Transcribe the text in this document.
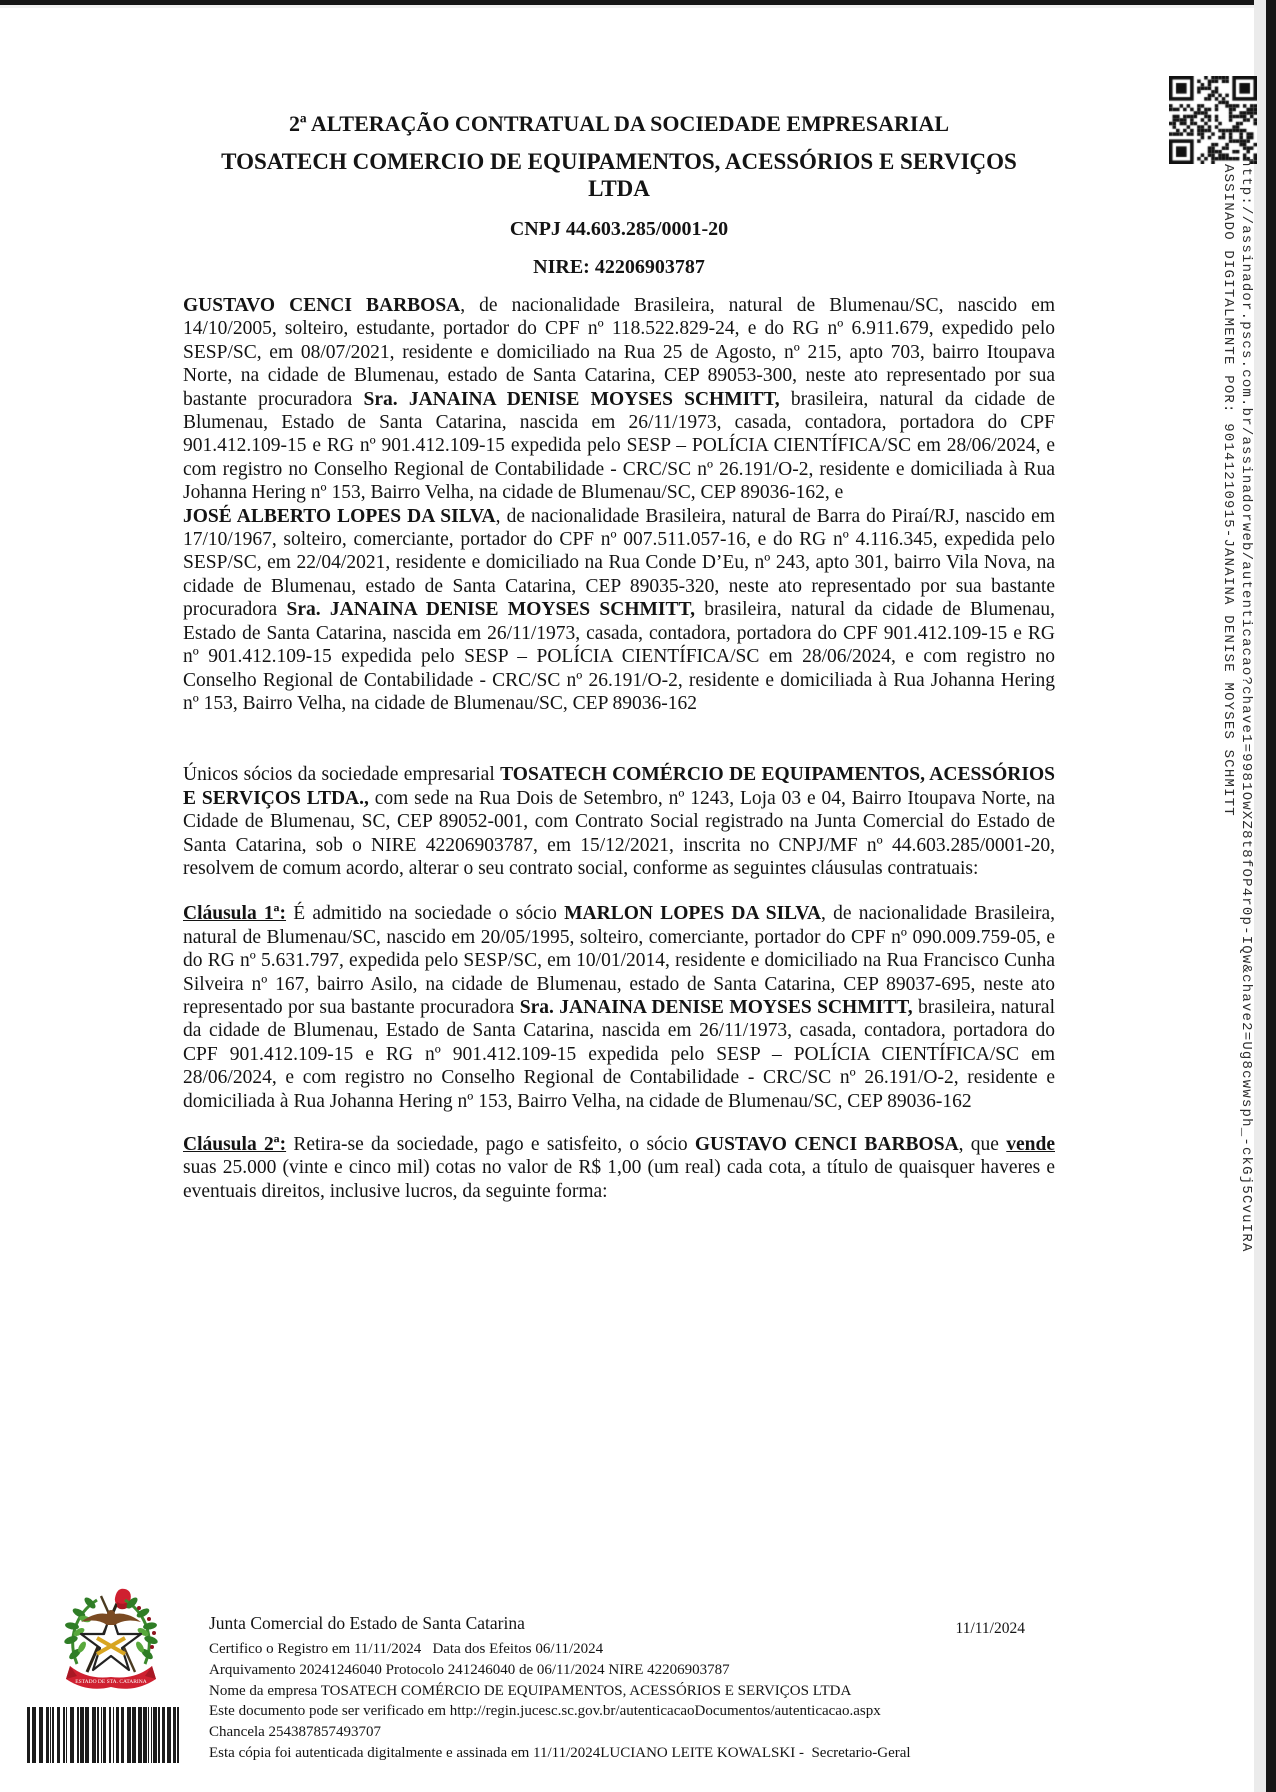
http://assinador.pscs.com.br/assinadorweb/autenticacao?chave1=9981OwXZ8t8fOP4r0p-IQw&chave2=Ug8cwwsph_-ckGj5CvuIRA
ASSINADO DIGITALMENTE POR: 90141210915-JANAINA DENISE MOYSES SCHMITT
2ª ALTERAÇÃO CONTRATUAL DA SOCIEDADE EMPRESARIAL
TOSATECH COMERCIO DE EQUIPAMENTOS, ACESSÓRIOS E SERVIÇOS
LTDA
CNPJ 44.603.285/0001-20
NIRE: 42206903787

GUSTAVO CENCI BARBOSA, de nacionalidade Brasileira, natural de Blumenau/SC, nascido em 14/10/2005, solteiro, estudante, portador do CPF nº 118.522.829-24, e do RG nº 6.911.679, expedido pelo SESP/SC, em 08/07/2021, residente e domiciliado na Rua 25 de Agosto, nº 215, apto 703, bairro Itoupava Norte, na cidade de Blumenau, estado de Santa Catarina, CEP 89053-300, neste ato representado por sua bastante procuradora Sra. JANAINA DENISE MOYSES SCHMITT, brasileira, natural da cidade de Blumenau, Estado de Santa Catarina, nascida em 26/11/1973, casada, contadora, portadora do CPF 901.412.109-15 e RG nº 901.412.109-15 expedida pelo SESP – POLÍCIA CIENTÍFICA/SC em 28/06/2024, e com registro no Conselho Regional de Contabilidade - CRC/SC nº 26.191/O-2, residente e domiciliada à Rua Johanna Hering nº 153, Bairro Velha, na cidade de Blumenau/SC, CEP 89036-162, e

JOSÉ ALBERTO LOPES DA SILVA, de nacionalidade Brasileira, natural de Barra do Piraí/RJ, nascido em 17/10/1967, solteiro, comerciante, portador do CPF nº 007.511.057-16, e do RG nº 4.116.345, expedida pelo SESP/SC, em 22/04/2021, residente e domiciliado na Rua Conde D’Eu, nº 243, apto 301, bairro Vila Nova, na cidade de Blumenau, estado de Santa Catarina, CEP 89035-320, neste ato representado por sua bastante procuradora Sra. JANAINA DENISE MOYSES SCHMITT, brasileira, natural da cidade de Blumenau, Estado de Santa Catarina, nascida em 26/11/1973, casada, contadora, portadora do CPF 901.412.109-15 e RG nº 901.412.109-15 expedida pelo SESP – POLÍCIA CIENTÍFICA/SC em 28/06/2024, e com registro no Conselho Regional de Contabilidade - CRC/SC nº 26.191/O-2, residente e domiciliada à Rua Johanna Hering nº 153, Bairro Velha, na cidade de Blumenau/SC, CEP 89036-162

Únicos sócios da sociedade empresarial TOSATECH COMÉRCIO DE EQUIPAMENTOS, ACESSÓRIOS E SERVIÇOS LTDA., com sede na Rua Dois de Setembro, nº 1243, Loja 03 e 04, Bairro Itoupava Norte, na Cidade de Blumenau, SC, CEP 89052-001, com Contrato Social registrado na Junta Comercial do Estado de Santa Catarina, sob o NIRE 42206903787, em 15/12/2021, inscrita no CNPJ/MF nº 44.603.285/0001-20, resolvem de comum acordo, alterar o seu contrato social, conforme as seguintes cláusulas contratuais:

Cláusula 1ª: É admitido na sociedade o sócio MARLON LOPES DA SILVA, de nacionalidade Brasileira, natural de Blumenau/SC, nascido em 20/05/1995, solteiro, comerciante, portador do CPF nº 090.009.759-05, e do RG nº 5.631.797, expedida pelo SESP/SC, em 10/01/2014, residente e domiciliado na Rua Francisco Cunha Silveira nº 167, bairro Asilo, na cidade de Blumenau, estado de Santa Catarina, CEP 89037-695, neste ato representado por sua bastante procuradora Sra. JANAINA DENISE MOYSES SCHMITT, brasileira, natural da cidade de Blumenau, Estado de Santa Catarina, nascida em 26/11/1973, casada, contadora, portadora do CPF 901.412.109-15 e RG nº 901.412.109-15 expedida pelo SESP – POLÍCIA CIENTÍFICA/SC em 28/06/2024, e com registro no Conselho Regional de Contabilidade - CRC/SC nº 26.191/O-2, residente e domiciliada à Rua Johanna Hering nº 153, Bairro Velha, na cidade de Blumenau/SC, CEP 89036-162

Cláusula 2ª: Retira-se da sociedade, pago e satisfeito, o sócio GUSTAVO CENCI BARBOSA, que vende suas 25.000 (vinte e cinco mil) cotas no valor de R$ 1,00 (um real) cada cota, a título de quaisquer haveres e eventuais direitos, inclusive lucros, da seguinte forma:

ESTADO DE STA. CATARINA
Junta Comercial do Estado de Santa Catarina
Certifico o Registro em 11/11/2024   Data dos Efeitos 06/11/2024
Arquivamento 20241246040 Protocolo 241246040 de 06/11/2024 NIRE 42206903787
Nome da empresa TOSATECH COMÉRCIO DE EQUIPAMENTOS, ACESSÓRIOS E SERVIÇOS LTDA
Este documento pode ser verificado em http://regin.jucesc.sc.gov.br/autenticacaoDocumentos/autenticacao.aspx
Chancela 254387857493707
Esta cópia foi autenticada digitalmente e assinada em 11/11/2024LUCIANO LEITE KOWALSKI -  Secretario-Geral
11/11/2024
